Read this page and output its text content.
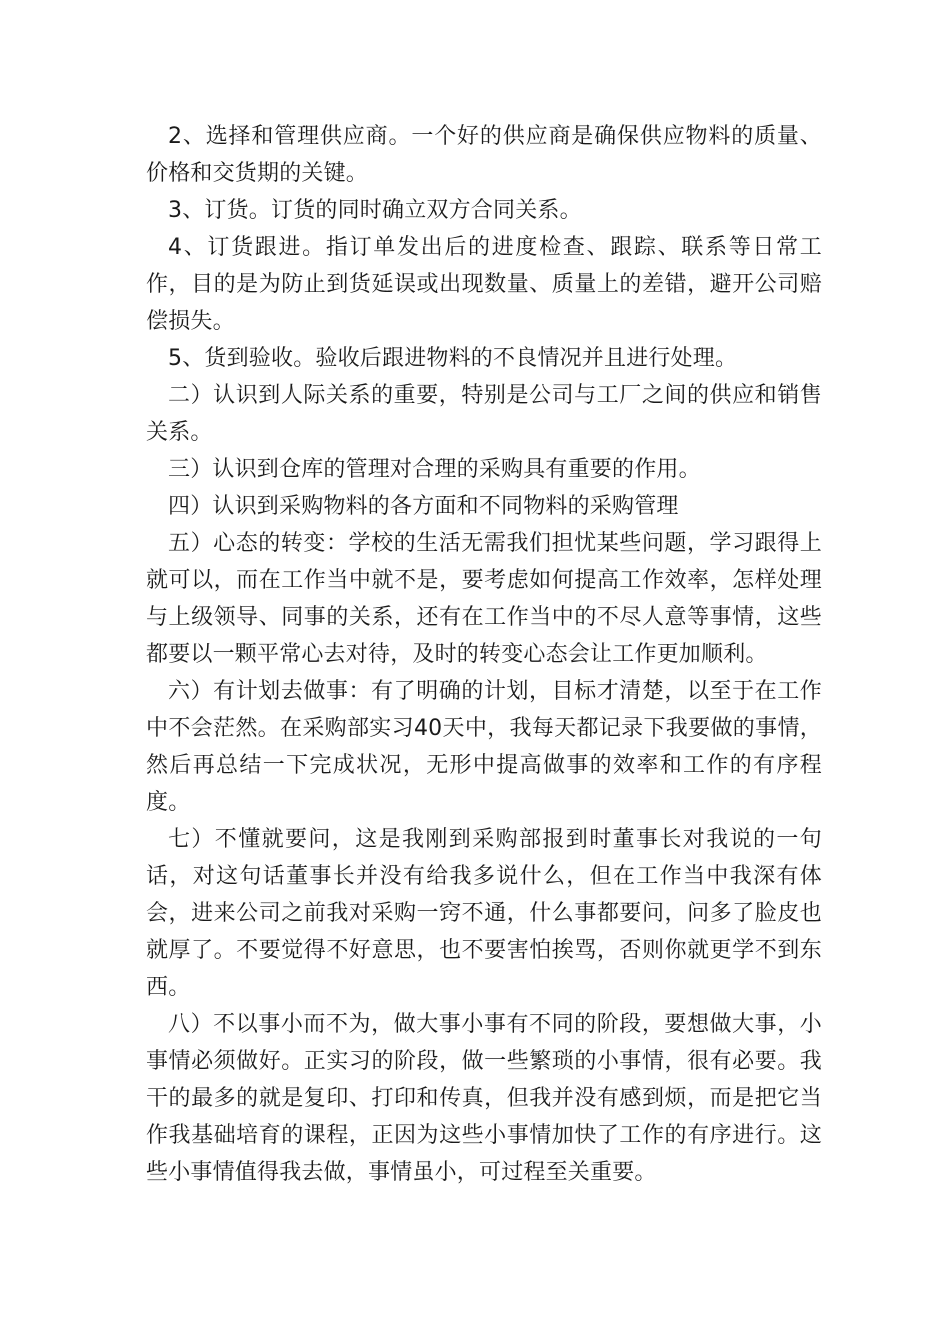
2、选择和管理供应商。一个好的供应商是确保供应物料的质量、价格和交货期的关键。

3、订货。订货的同时确立双方合同关系。

4、订货跟进。指订单发出后的进度检查、跟踪、联系等日常工作，目的是为防止到货延误或出现数量、质量上的差错，避开公司赔偿损失。

5、货到验收。验收后跟进物料的不良情况并且进行处理。

二）认识到人际关系的重要，特别是公司与工厂之间的供应和销售关系。

三）认识到仓库的管理对合理的采购具有重要的作用。

四）认识到采购物料的各方面和不同物料的采购管理

五）心态的转变：学校的生活无需我们担忧某些问题，学习跟得上就可以，而在工作当中就不是，要考虑如何提高工作效率，怎样处理与上级领导、同事的关系，还有在工作当中的不尽人意等事情，这些都要以一颗平常心去对待，及时的转变心态会让工作更加顺利。

六）有计划去做事：有了明确的计划，目标才清楚，以至于在工作中不会茫然。在采购部实习40天中，我每天都记录下我要做的事情，然后再总结一下完成状况，无形中提高做事的效率和工作的有序程度。

七）不懂就要问，这是我刚到采购部报到时董事长对我说的一句话，对这句话董事长并没有给我多说什么，但在工作当中我深有体会，进来公司之前我对采购一窍不通，什么事都要问，问多了脸皮也就厚了。不要觉得不好意思，也不要害怕挨骂，否则你就更学不到东西。

八）不以事小而不为，做大事小事有不同的阶段，要想做大事，小事情必须做好。正实习的阶段，做一些繁琐的小事情，很有必要。我干的最多的就是复印、打印和传真，但我并没有感到烦，而是把它当作我基础培育的课程，正因为这些小事情加快了工作的有序进行。这些小事情值得我去做，事情虽小，可过程至关重要。
